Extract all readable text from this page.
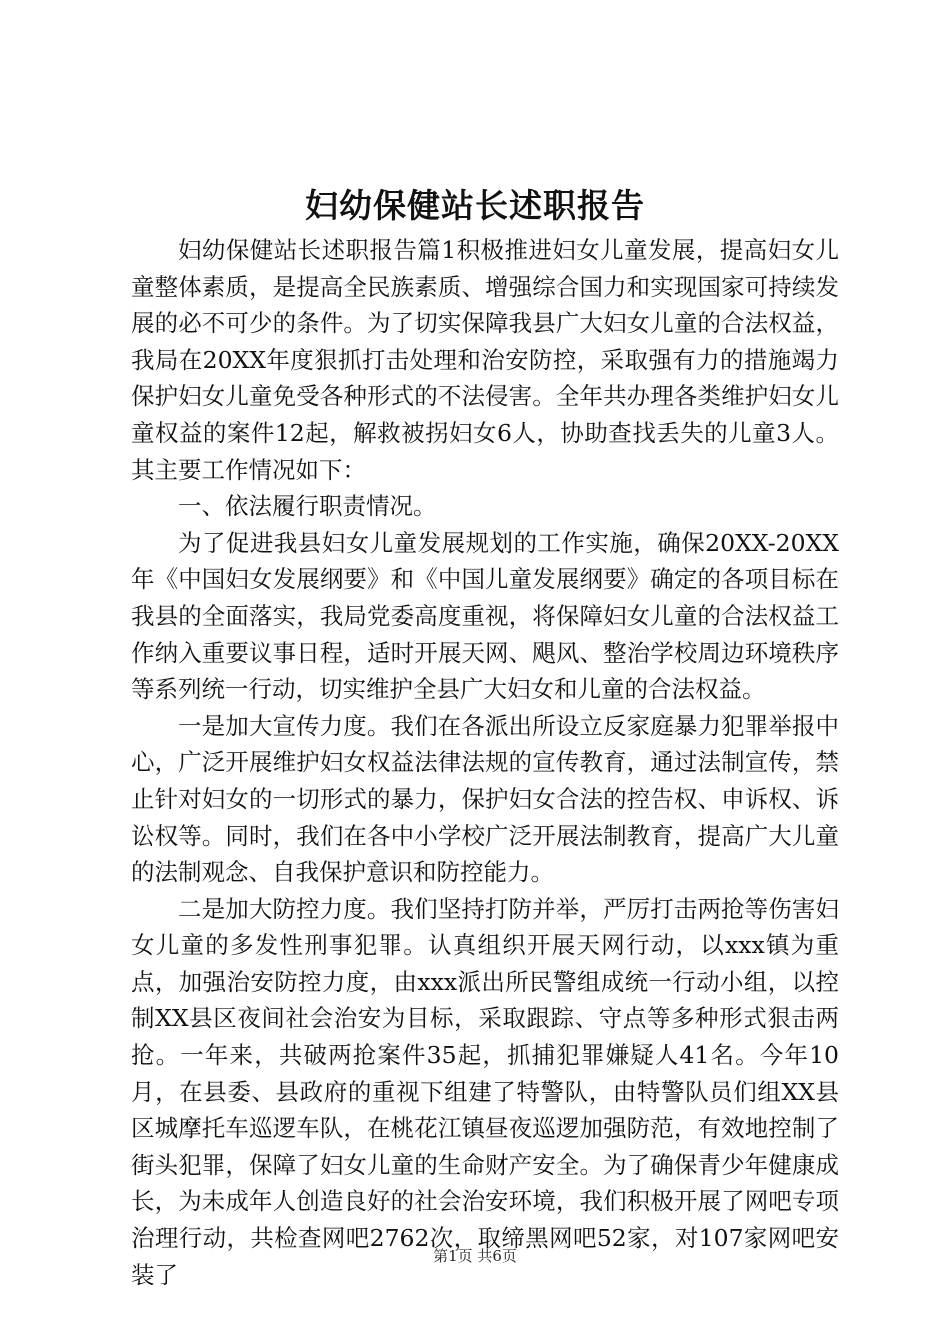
妇幼保健站长述职报告

妇幼保健站长述职报告篇1积极推进妇女儿童发展，提高妇女儿童整体素质，是提高全民族素质、增强综合国力和实现国家可持续发展的必不可少的条件。为了切实保障我县广大妇女儿童的合法权益，我局在20XX年度狠抓打击处理和治安防控，采取强有力的措施竭力保护妇女儿童免受各种形式的不法侵害。全年共办理各类维护妇女儿童权益的案件12起，解救被拐妇女6人，协助查找丢失的儿童3人。其主要工作情况如下：

一、依法履行职责情况。

为了促进我县妇女儿童发展规划的工作实施，确保20XX-20XX年《中国妇女发展纲要》和《中国儿童发展纲要》确定的各项目标在我县的全面落实，我局党委高度重视，将保障妇女儿童的合法权益工作纳入重要议事日程，适时开展天网、飓风、整治学校周边环境秩序等系列统一行动，切实维护全县广大妇女和儿童的合法权益。

一是加大宣传力度。我们在各派出所设立反家庭暴力犯罪举报中心，广泛开展维护妇女权益法律法规的宣传教育，通过法制宣传，禁止针对妇女的一切形式的暴力，保护妇女合法的控告权、申诉权、诉讼权等。同时，我们在各中小学校广泛开展法制教育，提高广大儿童的法制观念、自我保护意识和防控能力。

二是加大防控力度。我们坚持打防并举，严厉打击两抢等伤害妇女儿童的多发性刑事犯罪。认真组织开展天网行动，以xxx镇为重点，加强治安防控力度，由xxx派出所民警组成统一行动小组，以控制XX县区夜间社会治安为目标，采取跟踪、守点等多种形式狠击两抢。一年来，共破两抢案件35起，抓捕犯罪嫌疑人41名。今年10月，在县委、县政府的重视下组建了特警队，由特警队员们组XX县区城摩托车巡逻车队，在桃花江镇昼夜巡逻加强防范，有效地控制了街头犯罪，保障了妇女儿童的生命财产安全。为了确保青少年健康成长，为未成年人创造良好的社会治安环境，我们积极开展了网吧专项治理行动，共检查网吧2762次，取缔黑网吧52家，对107家网吧安装了

第1页 共6页
